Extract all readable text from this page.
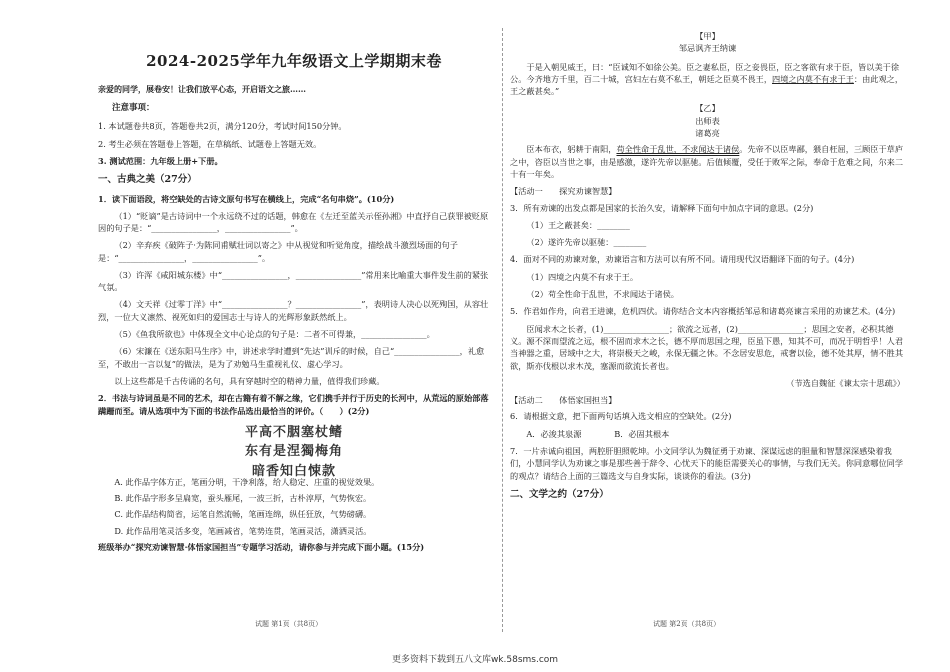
2024-2025学年九年级语文上学期期末卷
亲爱的同学，展卷安！让我们放平心态，开启语文之旅……
注意事项：
1. 本试题卷共8页，答题卷共2页，满分120分，考试时间150分钟。
2. 考生必须在答题卷上答题，在草稿纸、试题卷上答题无效。
3. 测试范围：九年级上册+下册。
一、古典之美（27分）
1．读下面语段，将空缺处的古诗文原句书写在横线上，完成“名句串烧”。(10分)
（1）“贬谪”是古诗词中一个永远绕不过的话题，韩愈在《左迁至蓝关示侄孙湘》中直抒自己获罪被贬原因的句子是：“________________，________________”。
（2）辛弃疾《破阵子·为陈同甫赋壮词以寄之》中从视觉和听觉角度，描绘战斗激烈场面的句子是：“________________，________________”。
（3）许浑《咸阳城东楼》中“________________，________________”常用来比喻重大事件发生前的紧张气氛。
（4）文天祥《过零丁洋》中“________________？________________”，表明诗人决心以死殉国，从容壮烈，一位大义凛然、视死如归的爱国志士与诗人的光辉形象跃然纸上。
（5）《鱼我所欲也》中体现全文中心论点的句子是：二者不可得兼，________________。
（6）宋濂在《送东阳马生序》中，讲述求学时遭到“先达”训斥的时候，自己“________________，礼愈至，不敢出一言以复”的做法，是为了劝勉马生重视礼仪、虚心学习。
以上这些都是千古传诵的名句，具有穿越时空的精神力量，值得我们珍藏。
2．书法与诗词虽是不同的艺术，却在古籍有着不解之缘，它们携手并行于历史的长河中，从荒远的原始部落蹒跚而至。请从选项中为下面的书法作品选出最恰当的评价。（　　）(2分)
平高不胭塞杖鳍
东有是涅獨梅角
暗香知白悚款
A. 此作品字体方正，笔画分明，干净利落，给人稳定、庄重的视觉效果。
B. 此作品字形多呈扁宽，蚕头雁尾，一波三折，古朴淳厚，气势恢宏。
C. 此作品结构简省，运笔自然流畅，笔画连绵，纵任狂放，气势磅礴。
D. 此作品用笔灵活多变，笔画减省，笔势连贯，笔画灵活，潇洒灵活。
班级举办“探究劝谏智慧·体悟家国担当”专题学习活动，请你参与并完成下面小题。(15分)
试题 第1页（共8页）
【甲】
邹忌讽齐王纳谏
于是入朝见威王，曰：“臣诚知不如徐公美。臣之妻私臣，臣之妾畏臣，臣之客欲有求于臣，皆以美于徐公。今齐地方千里，百二十城，宫妇左右莫不私王，朝廷之臣莫不畏王，四境之内莫不有求于王：由此观之，王之蔽甚矣。”
【乙】
出师表
诸葛亮
臣本布衣，躬耕于南阳，苟全性命于乱世，不求闻达于诸侯。先帝不以臣卑鄙，猥自枉屈，三顾臣于草庐之中，咨臣以当世之事，由是感激，遂许先帝以驱驰。后值倾覆，受任于败军之际，奉命于危难之间，尔来二十有一年矣。
【活动一　　探究劝谏智慧】
3．所有劝谏的出发点都是国家的长治久安，请解释下面句中加点字词的意思。(2分)
（1）王之蔽甚矣：________
（2）遂许先帝以驱驰：________
4．面对不同的劝谏对象，劝谏语言和方法可以有所不同。请用现代汉语翻译下面的句子。(4分)
（1）四境之内莫不有求于王。
（2）苟全性命于乱世，不求闻达于诸侯。
5．作君如作舟，向君王进谏，危机四伏。请你结合文本内容概括邹忌和诸葛亮谏言采用的劝谏艺术。(4分)
臣闻求木之长者，(1)________________；欲流之远者，(2)________________；思国之安者，必积其德义。源不深而望流之远，根不固而求木之长，德不厚而思国之理，臣虽下愚，知其不可，而况于明哲乎！人君当神器之重，居域中之大，将崇极天之峻，永保无疆之休。不念居安思危，戒奢以俭，德不处其厚，情不胜其欲，斯亦伐根以求木茂，塞源而欲流长者也。
（节选自魏征《谏太宗十思疏》）
【活动二　　体悟家国担当】
6．请根据文意，把下面两句话填入选文相应的空缺处。(2分)
A．必浚其泉源　　　　	B．必固其根本
7．一片赤诚向祖国，两腔肝胆照乾坤。小文同学认为魏征勇于劝谏、深谋远虑的胆量和智慧深深感染着我们，小慧同学认为劝谏之事是那些善于辞令、心忧天下的能臣需要关心的事情，与我们无关。你同意哪位同学的观点？请结合上面的三篇选文与自身实际，谈谈你的看法。(3分)
二、文学之约（27分）
试题 第2页（共8页）
更多资料下载到五八文库wk.58sms.com
